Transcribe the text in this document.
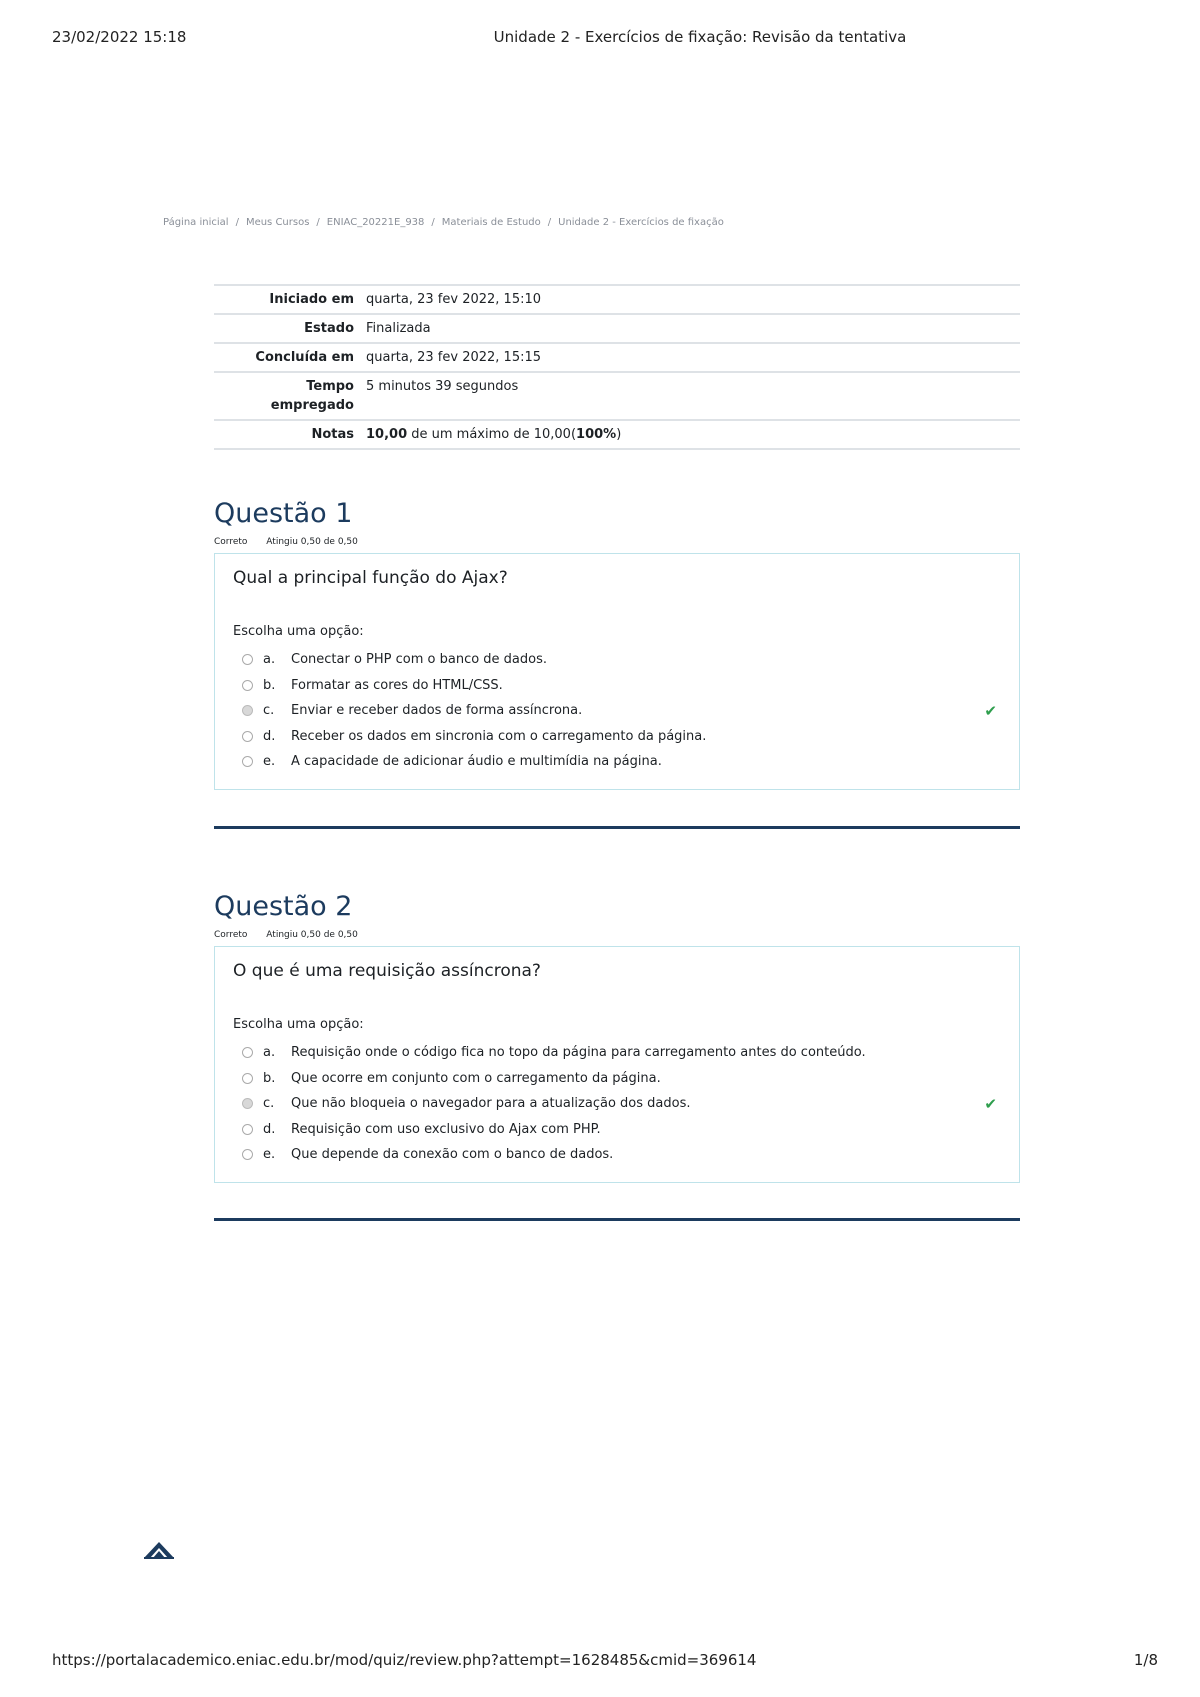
23/02/2022 15:18	Unidade 2 - Exercícios de fixação: Revisão da tentativa
Página inicial / Meus Cursos / ENIAC_20221E_938 / Materiais de Estudo / Unidade 2 - Exercícios de fixação
Iniciado em	quarta, 23 fev 2022, 15:10
Estado	Finalizada
Concluída em	quarta, 23 fev 2022, 15:15
Tempo
empregado	5 minutos 39 segundos
Notas	10,00 de um máximo de 10,00(100%)
Questão 1
Correto Atingiu 0,50 de 0,50

Qual a principal função do Ajax?

Escolha uma opção:
a.	Conectar o PHP com o banco de dados.
b.	Formatar as cores do HTML/CSS.
c.	Enviar e receber dados de forma assíncrona.	✔
d.	Receber os dados em sincronia com o carregamento da página.
e.	A capacidade de adicionar áudio e multimídia na página.
Questão 2
Correto Atingiu 0,50 de 0,50

O que é uma requisição assíncrona?

Escolha uma opção:
a.	Requisição onde o código fica no topo da página para carregamento antes do conteúdo.
b.	Que ocorre em conjunto com o carregamento da página.
c.	Que não bloqueia o navegador para a atualização dos dados.	✔
d.	Requisição com uso exclusivo do Ajax com PHP.
e.	Que depende da conexão com o banco de dados.
https://portalacademico.eniac.edu.br/mod/quiz/review.php?attempt=1628485&cmid=369614	1/8
